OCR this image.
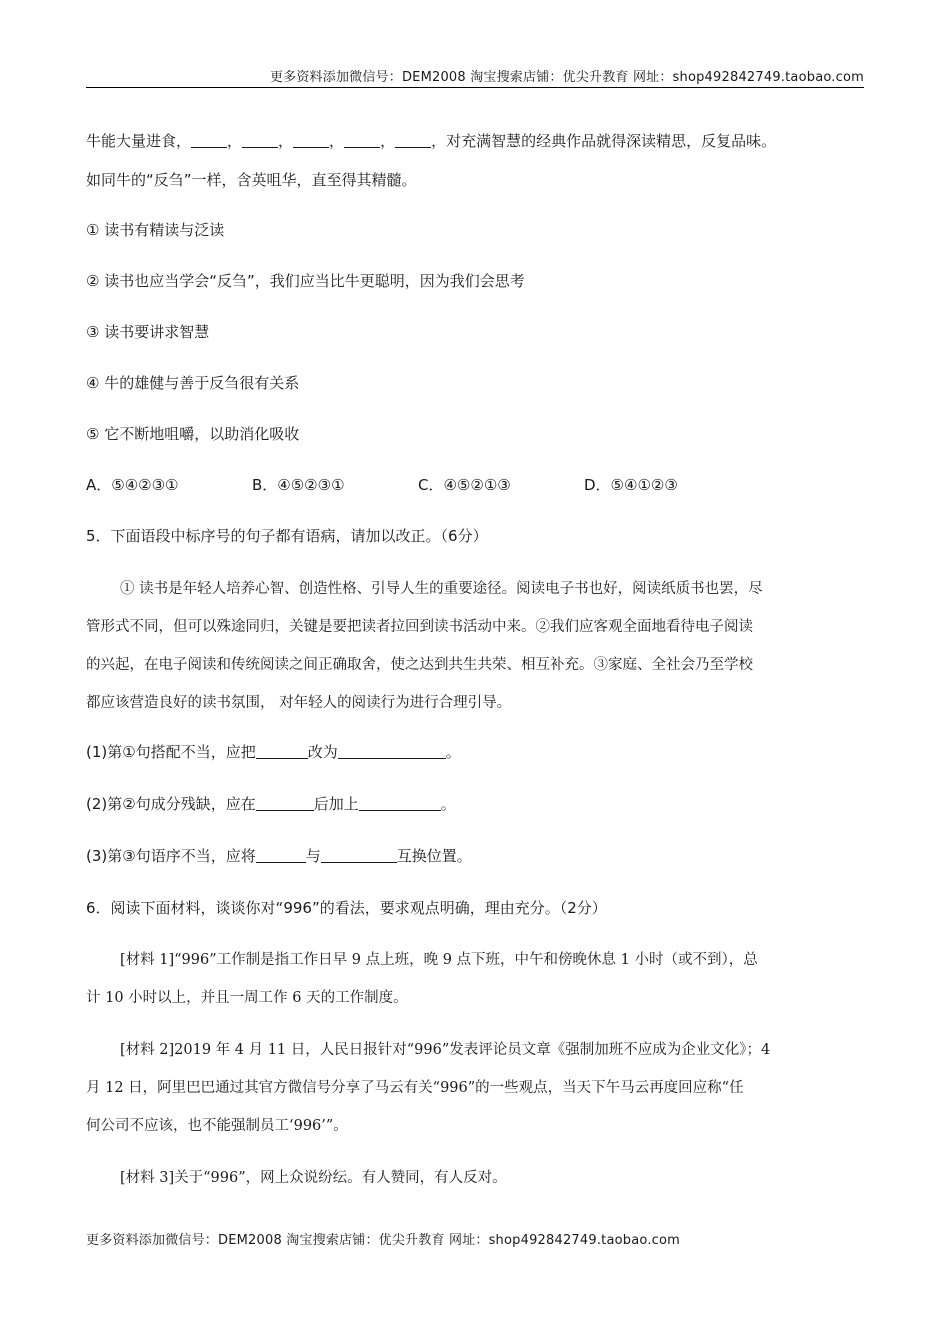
更多资料添加微信号：DEM2008 淘宝搜索店铺：优尖升教育 网址：shop492842749.taobao.com
牛能大量进食， ， ， ， ， ，对充满智慧的经典作品就得深读精思，反复品味。
如同牛的“反刍”一样，含英咀华，直至得其精髓。
① 读书有精读与泛读
② 读书也应当学会“反刍”，我们应当比牛更聪明，因为我们会思考
③ 读书要讲求智慧
④ 牛的雄健与善于反刍很有关系
⑤ 它不断地咀嚼，以助消化吸收
A．⑤④②③①	B．④⑤②③①	C．④⑤②①③	D．⑤④①②③
5．下面语段中标序号的句子都有语病，请加以改正。（6分）
① 读书是年轻人培养心智、创造性格、引导人生的重要途径。阅读电子书也好，阅读纸质书也罢，尽
管形式不同，但可以殊途同归，关键是要把读者拉回到读书活动中来。②我们应客观全面地看待电子阅读
的兴起，在电子阅读和传统阅读之间正确取舍，使之达到共生共荣、相互补充。③家庭、全社会乃至学校
都应该营造良好的读书氛围， 对年轻人的阅读行为进行合理引导。
(1)第①句搭配不当，应把	改为	。
(2)第②句成分残缺，应在	后加上	。
(3)第③句语序不当，应将	与	互换位置。
6．阅读下面材料，谈谈你对“996”的看法，要求观点明确，理由充分。（2分）
[材料 1]“996”工作制是指工作日早 9 点上班，晚 9 点下班，中午和傍晚休息 1 小时（或不到），总
计 10 小时以上，并且一周工作 6 天的工作制度。
[材料 2]2019 年 4 月 11 日，人民日报针对“996”发表评论员文章《强制加班不应成为企业文化》；4
月 12 日，阿里巴巴通过其官方微信号分享了马云有关“996”的一些观点，当天下午马云再度回应称“任
何公司不应该，也不能强制员工‘996’”。
[材料 3]关于“996”，网上众说纷纭。有人赞同，有人反对。
更多资料添加微信号：DEM2008 淘宝搜索店铺：优尖升教育 网址：shop492842749.taobao.com
